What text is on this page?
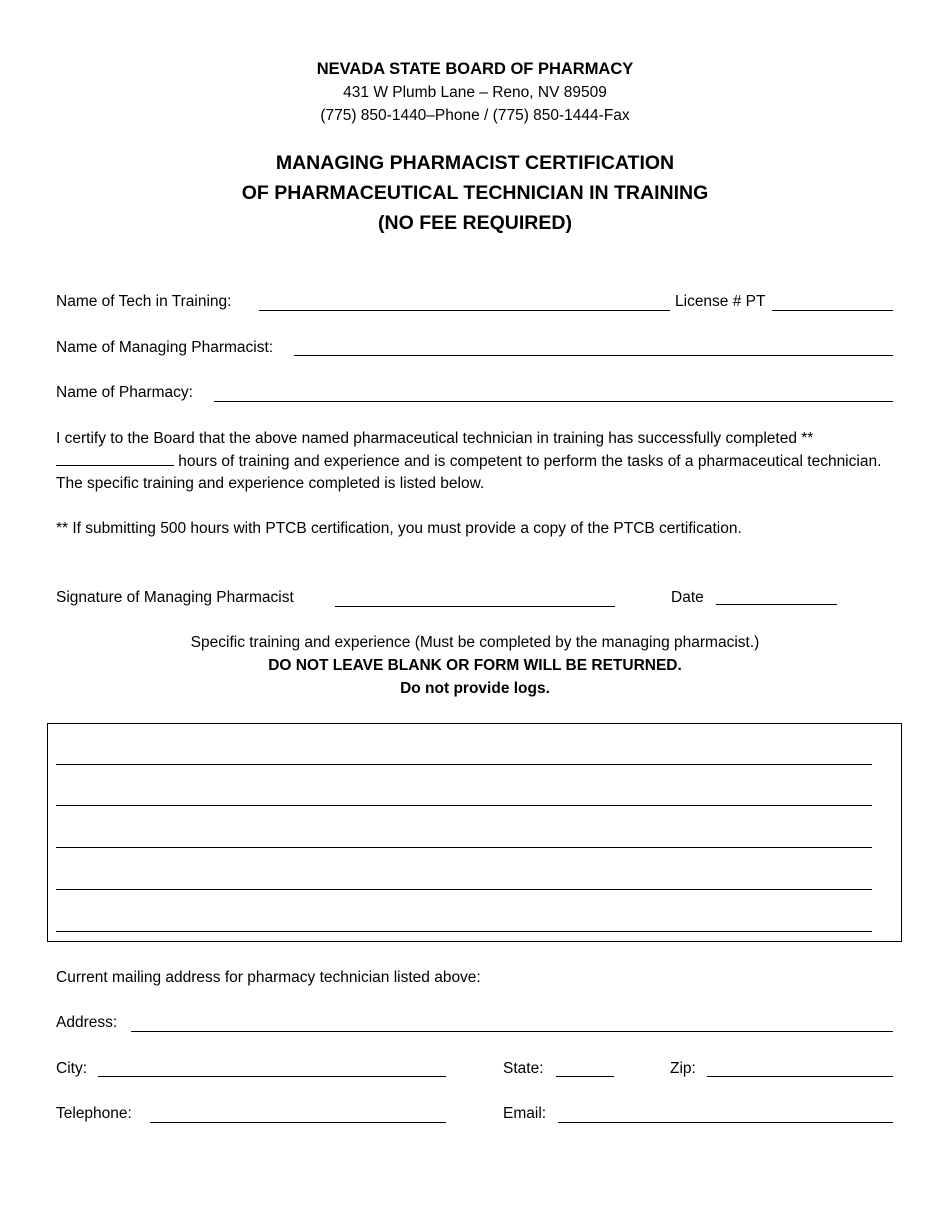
NEVADA STATE BOARD OF PHARMACY
431 W Plumb Lane – Reno, NV 89509
(775) 850-1440–Phone / (775) 850-1444-Fax
MANAGING PHARMACIST CERTIFICATION
OF PHARMACEUTICAL TECHNICIAN IN TRAINING
(NO FEE REQUIRED)
Name of Tech in Training:	License # PT
Name of Managing Pharmacist:
Name of Pharmacy:
I certify to the Board that the above named pharmaceutical technician in training has successfully completed ** hours of training and experience and is competent to perform the tasks of a pharmaceutical technician. The specific training and experience completed is listed below.
** If submitting 500 hours with PTCB certification, you must provide a copy of the PTCB certification.
Signature of Managing Pharmacist	Date ______________
Specific training and experience (Must be completed by the managing pharmacist.)
DO NOT LEAVE BLANK OR FORM WILL BE RETURNED.
Do not provide logs.
Current mailing address for pharmacy technician listed above:
Address:
City:	State:	Zip:
Telephone:	Email:
